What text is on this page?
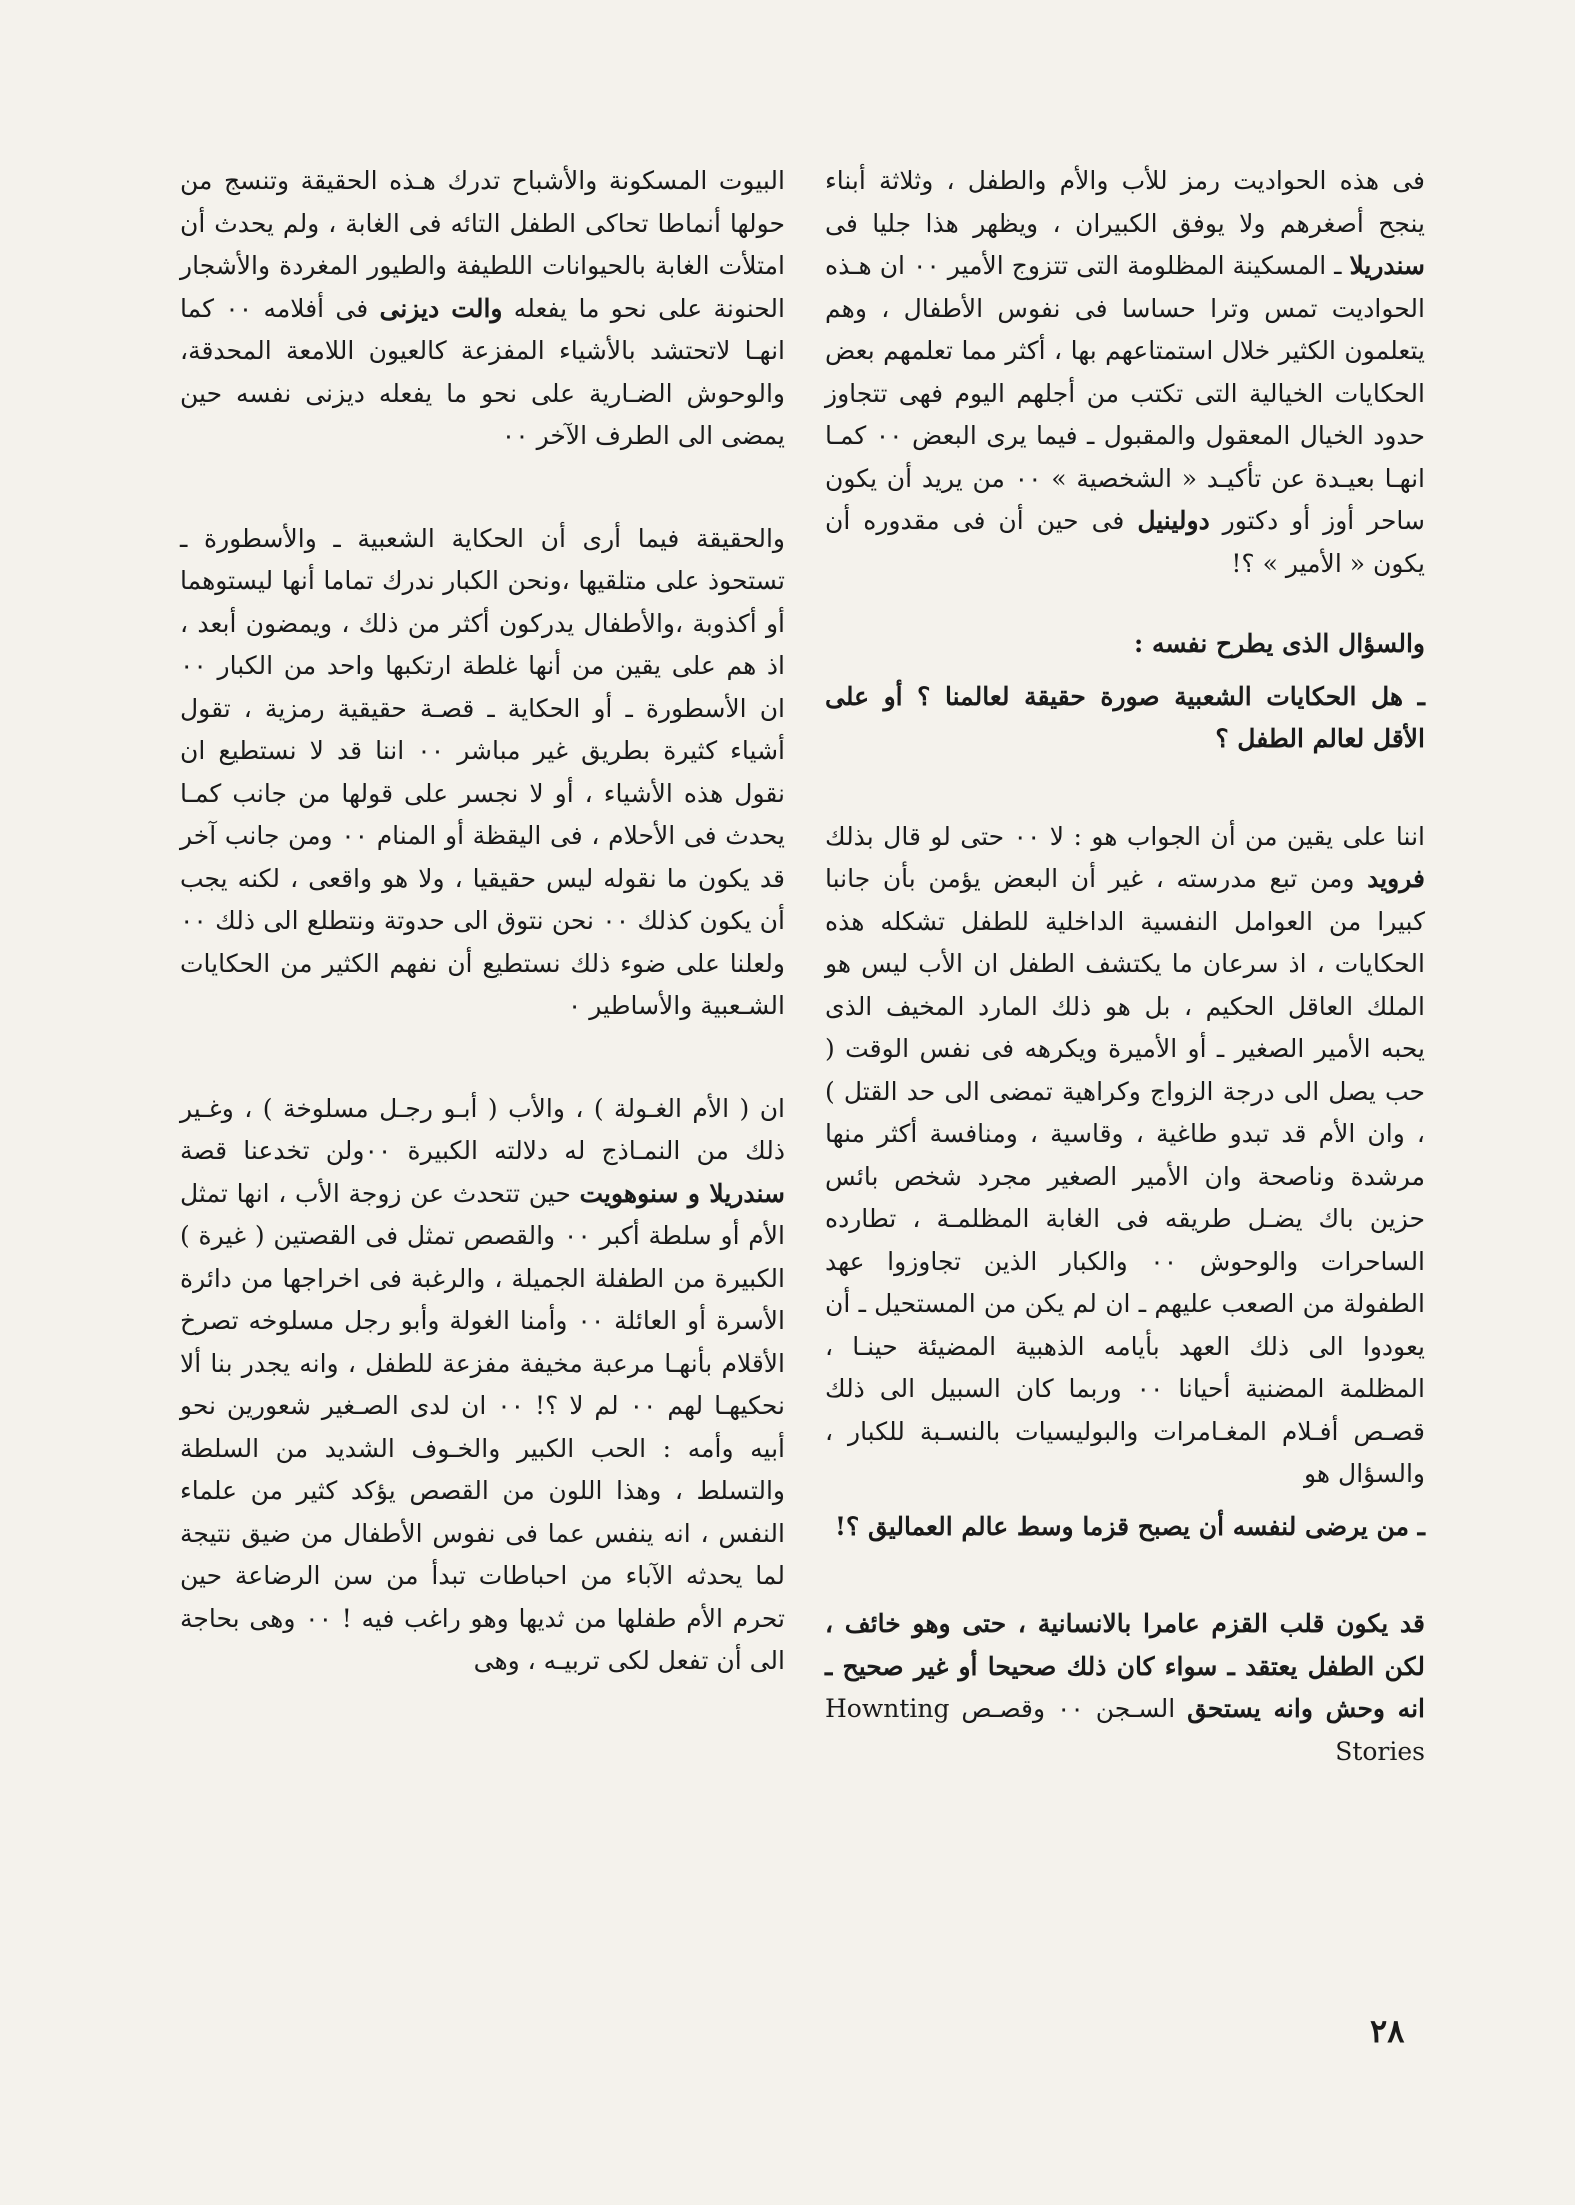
فى هذه الحواديت رمز للأب والأم والطفل ، وثلاثة أبناء ينجح أصغرهم ولا يوفق الكبيران ، ويظهر هذا جليا فى سندريلا ـ المسكينة المظلومة التى تتزوج الأمير ٠٠ ان هـذه الحواديت تمس وترا حساسا فى نفوس الأطفال ، وهم يتعلمون الكثير خلال استمتاعهم بها ، أكثر مما تعلمهم بعض الحكايات الخيالية التى تكتب من أجلهم اليوم فهى تتجاوز حدود الخيال المعقول والمقبول ـ فيما يرى البعض ٠٠ كمـا انهـا بعيـدة عن تأكيـد « الشخصية » ٠٠ من يريد أن يكون ساحر أوز أو دكتور دولينيل فى حين أن فى مقدوره أن يكون « الأمير » ؟!

والسؤال الذى يطرح نفسه :

ـ هل الحكايات الشعبية صورة حقيقة لعالمنا ؟ أو على الأقل لعالم الطفل ؟

اننا على يقين من أن الجواب هو : لا ٠٠ حتى لو قال بذلك فرويد ومن تبع مدرسته ، غير أن البعض يؤمن بأن جانبا كبيرا من العوامل النفسية الداخلية للطفل تشكله هذه الحكايات ، اذ سرعان ما يكتشف الطفل ان الأب ليس هو الملك العاقل الحكيم ، بل هو ذلك المارد المخيف الذى يحبه الأمير الصغير ـ أو الأميرة ويكرهه فى نفس الوقت ( حب يصل الى درجة الزواج وكراهية تمضى الى حد القتل ) ، وان الأم قد تبدو طاغية ، وقاسية ، ومنافسة أكثر منها مرشدة وناصحة وان الأمير الصغير مجرد شخص بائس حزين باك يضـل طريقه فى الغابة المظلمـة ، تطارده الساحرات والوحوش ٠٠ والكبار الذين تجاوزوا عهد الطفولة من الصعب عليهم ـ ان لم يكن من المستحيل ـ أن يعودوا الى ذلك العهد بأيامه الذهبية المضيئة حينـا ، المظلمة المضنية أحيانا ٠٠ وربما كان السبيل الى ذلك قصـص أفـلام المغـامرات والبوليسيات بالنسـبة للكبار ، والسؤال هو

ـ من يرضى لنفسه أن يصبح قزما وسط عالم العماليق ؟!

قد يكون قلب القزم عامرا بالانسانية ، حتى وهو خائف ، لكن الطفل يعتقد ـ سواء كان ذلك صحيحا أو غير صحيح ـ انه وحش وانه يستحق السـجن ٠٠ وقصـص Hownting Stories

البيوت المسكونة والأشباح تدرك هـذه الحقيقة وتنسج من حولها أنماطا تحاكى الطفل التائه فى الغابة ، ولم يحدث أن امتلأت الغابة بالحيوانات اللطيفة والطيور المغردة والأشجار الحنونة على نحو ما يفعله والت ديزنى فى أفلامه ٠٠ كما انهـا لاتحتشد بالأشياء المفزعة كالعيون اللامعة المحدقة، والوحوش الضـارية على نحو ما يفعله ديزنى نفسه حين يمضى الى الطرف الآخر ٠٠

والحقيقة فيما أرى أن الحكاية الشعبية ـ والأسطورة ـ تستحوذ على متلقيها ،ونحن الكبار ندرك تماما أنها ليستوهما أو أكذوبة ،والأطفال يدركون أكثر من ذلك ، ويمضون أبعد ، اذ هم على يقين من أنها غلطة ارتكبها واحد من الكبار ٠٠ ان الأسطورة ـ أو الحكاية ـ قصـة حقيقية رمزية ، تقول أشياء كثيرة بطريق غير مباشر ٠٠ اننا قد لا نستطيع ان نقول هذه الأشياء ، أو لا نجسر على قولها من جانب كمـا يحدث فى الأحلام ، فى اليقظة أو المنام ٠٠ ومن جانب آخر قد يكون ما نقوله ليس حقيقيا ، ولا هو واقعى ، لكنه يجب أن يكون كذلك ٠٠ نحن نتوق الى حدوتة ونتطلع الى ذلك ٠٠ ولعلنا على ضوء ذلك نستطيع أن نفهم الكثير من الحكايات الشـعبية والأساطير ٠

ان ( الأم الغـولة ) ، والأب ( أبـو رجـل مسلوخة ) ، وغـير ذلك من النمـاذج له دلالته الكبيرة ٠٠ولن تخدعنا قصة سندريلا و سنوهويت حين تتحدث عن زوجة الأب ، انها تمثل الأم أو سلطة أكبر ٠٠ والقصص تمثل فى القصتين ( غيرة ) الكبيرة من الطفلة الجميلة ، والرغبة فى اخراجها من دائرة الأسرة أو العائلة ٠٠ وأمنا الغولة وأبو رجل مسلوخه تصرخ الأقلام بأنهـا مرعبة مخيفة مفزعة للطفل ، وانه يجدر بنا ألا نحكيهـا لهم ٠٠ لم لا ؟! ٠٠ ان لدى الصـغير شعورين نحو أبيه وأمه : الحب الكبير والخـوف الشديد من السلطة والتسلط ، وهذا اللون من القصص يؤكد كثير من علماء النفس ، انه ينفس عما فى نفوس الأطفال من ضيق نتيجة لما يحدثه الآباء من احباطات تبدأ من سن الرضاعة حين تحرم الأم طفلها من ثديها وهو راغب فيه ! ٠٠ وهى بحاجة الى أن تفعل لكى تربيـه ، وهى

٢٨
